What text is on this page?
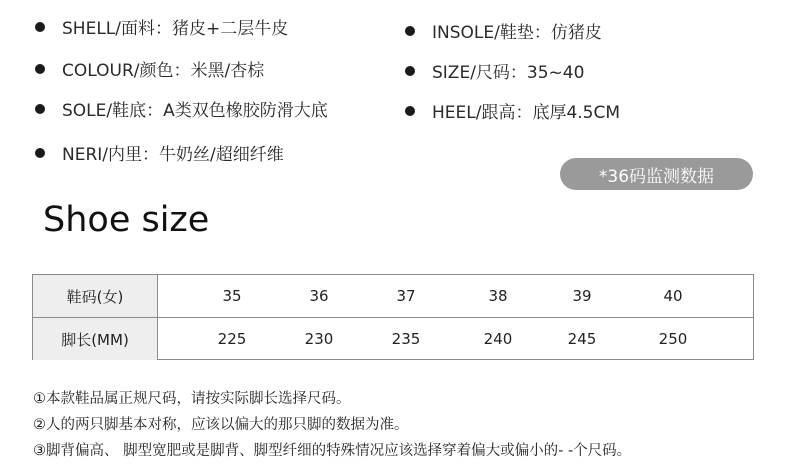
SHELL/面料：猪皮+二层牛皮	INSOLE/鞋垫：仿猪皮
COLOUR/颜色：米黑/杏棕	SIZE/尺码：35~40
SOLE/鞋底：A类双色橡胶防滑大底	HEEL/跟高：底厚4.5CM
NERI/内里：牛奶丝/超细纤维
*36码监测数据
Shoe size
鞋码(女)	35	36	37	38	39	40
脚长(MM)	225	230	235	240	245	250
①本款鞋品属正规尺码，请按实际脚长选择尺码。
②人的两只脚基本对称，应该以偏大的那只脚的数据为准。
③脚背偏高、 脚型宽肥或是脚背、脚型纤细的特殊情况应该选择穿着偏大或偏小的- -个尺码。
